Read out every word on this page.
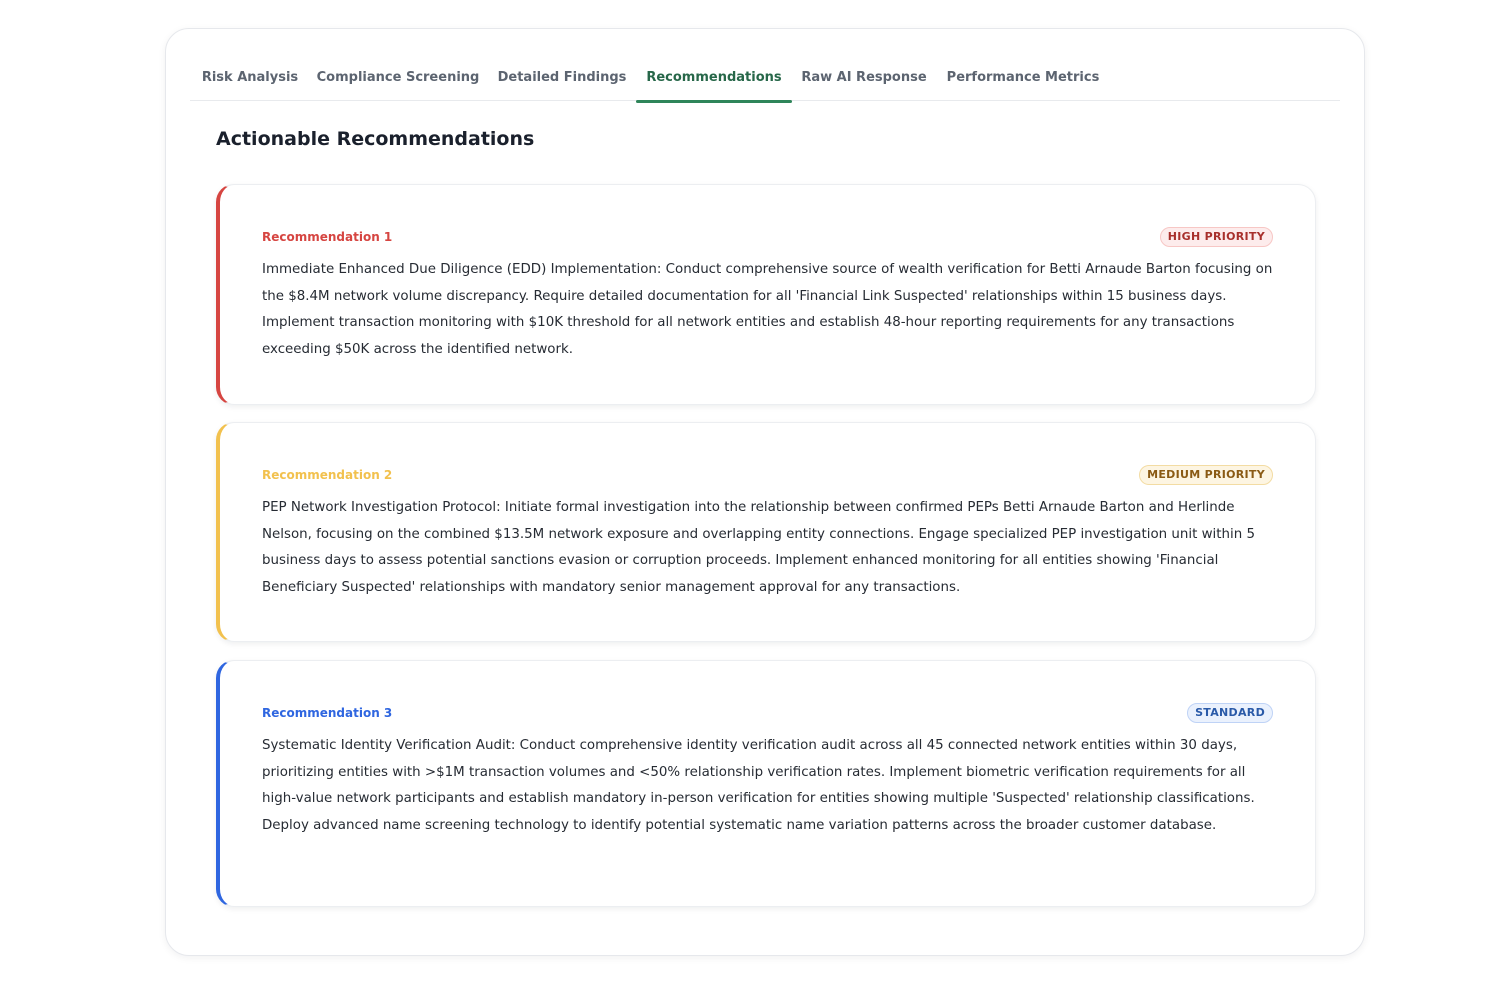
Risk Analysis	Compliance Screening	Detailed Findings	Recommendations	Raw AI Response	Performance Metrics
Actionable Recommendations
Recommendation 1	HIGH PRIORITY
Immediate Enhanced Due Diligence (EDD) Implementation: Conduct comprehensive source of wealth verification for Betti Arnaude Barton focusing on the $8.4M network volume discrepancy. Require detailed documentation for all 'Financial Link Suspected' relationships within 15 business days. Implement transaction monitoring with $10K threshold for all network entities and establish 48-hour reporting requirements for any transactions exceeding $50K across the identified network.
Recommendation 2	MEDIUM PRIORITY
PEP Network Investigation Protocol: Initiate formal investigation into the relationship between confirmed PEPs Betti Arnaude Barton and Herlinde Nelson, focusing on the combined $13.5M network exposure and overlapping entity connections. Engage specialized PEP investigation unit within 5 business days to assess potential sanctions evasion or corruption proceeds. Implement enhanced monitoring for all entities showing 'Financial Beneficiary Suspected' relationships with mandatory senior management approval for any transactions.
Recommendation 3	STANDARD
Systematic Identity Verification Audit: Conduct comprehensive identity verification audit across all 45 connected network entities within 30 days, prioritizing entities with >$1M transaction volumes and <50% relationship verification rates. Implement biometric verification requirements for all high-value network participants and establish mandatory in-person verification for entities showing multiple 'Suspected' relationship classifications. Deploy advanced name screening technology to identify potential systematic name variation patterns across the broader customer database.
